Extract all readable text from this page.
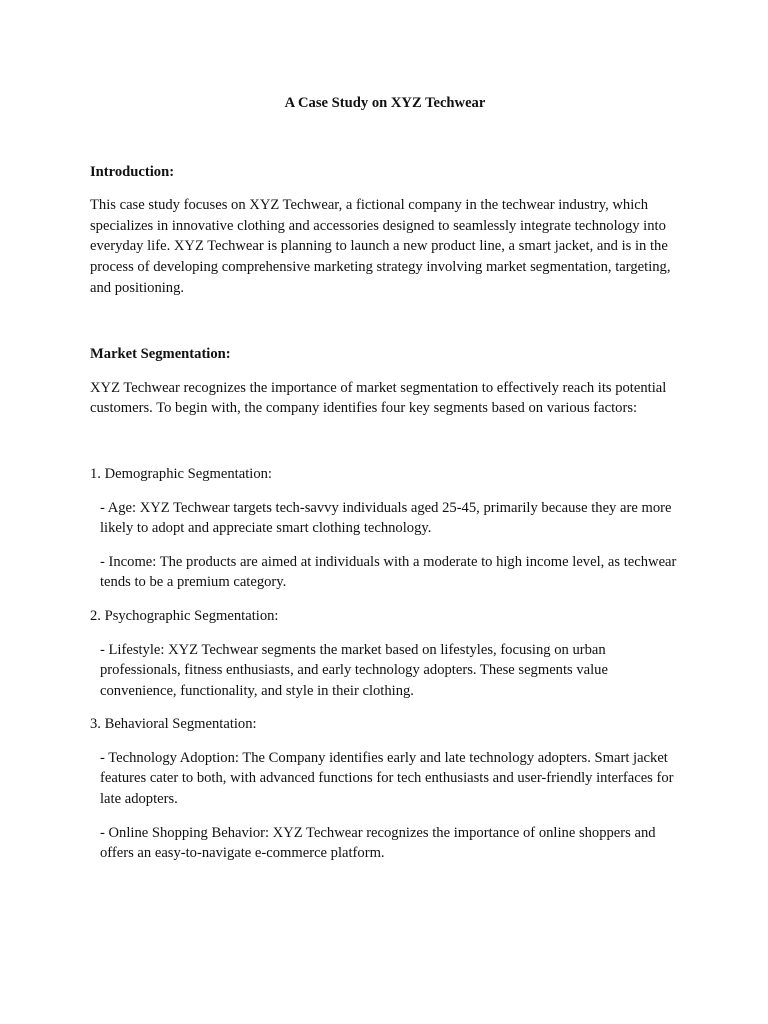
A Case Study on XYZ Techwear

Introduction:

This case study focuses on XYZ Techwear, a fictional company in the techwear industry, which specializes in innovative clothing and accessories designed to seamlessly integrate technology into everyday life. XYZ Techwear is planning to launch a new product line, a smart jacket, and is in the process of developing comprehensive marketing strategy involving market segmentation, targeting, and positioning.

Market Segmentation:

XYZ Techwear recognizes the importance of market segmentation to effectively reach its potential customers. To begin with, the company identifies four key segments based on various factors:

1. Demographic Segmentation:

- Age: XYZ Techwear targets tech-savvy individuals aged 25-45, primarily because they are more likely to adopt and appreciate smart clothing technology.

- Income: The products are aimed at individuals with a moderate to high income level, as techwear tends to be a premium category.

2. Psychographic Segmentation:

- Lifestyle: XYZ Techwear segments the market based on lifestyles, focusing on urban professionals, fitness enthusiasts, and early technology adopters. These segments value convenience, functionality, and style in their clothing.

3. Behavioral Segmentation:

- Technology Adoption: The Company identifies early and late technology adopters. Smart jacket features cater to both, with advanced functions for tech enthusiasts and user-friendly interfaces for late adopters.

- Online Shopping Behavior: XYZ Techwear recognizes the importance of online shoppers and offers an easy-to-navigate e-commerce platform.
